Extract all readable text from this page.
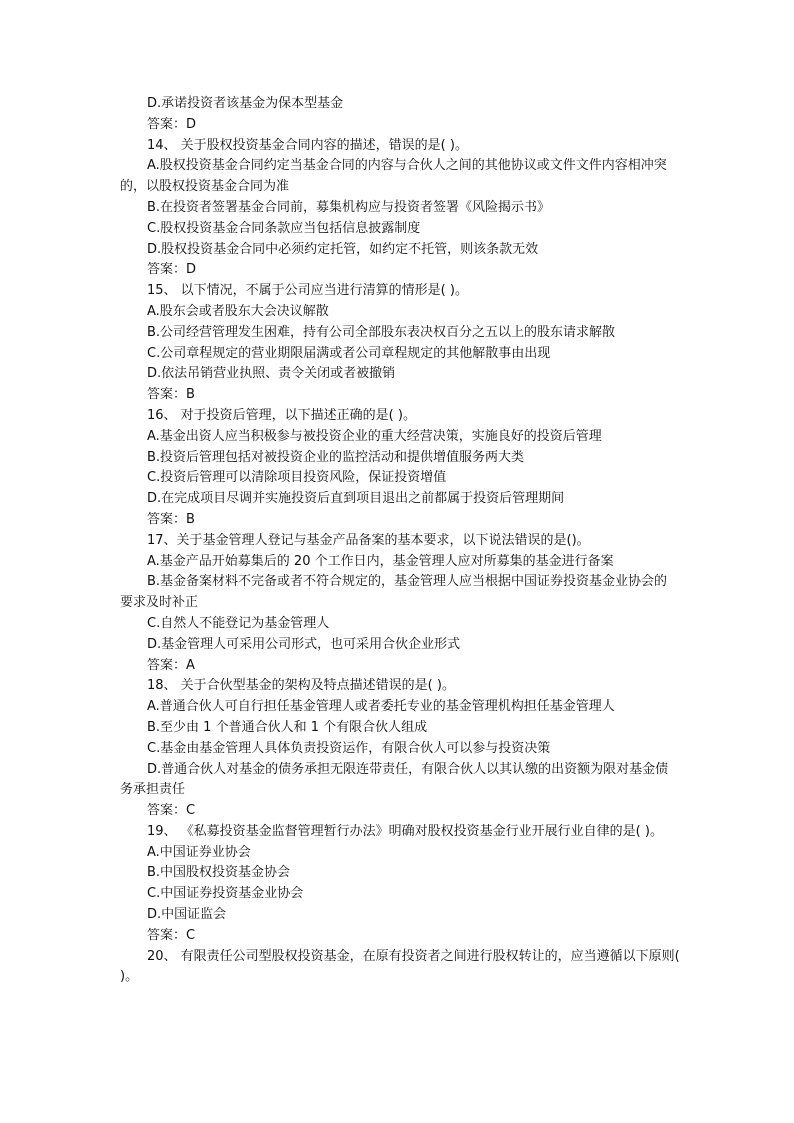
D.承诺投资者该基金为保本型基金

答案：D

14、 关于股权投资基金合同内容的描述，错误的是( )。

A.股权投资基金合同约定当基金合同的内容与合伙人之间的其他协议或文件文件内容相冲突的，以股权投资基金合同为准

B.在投资者签署基金合同前，募集机构应与投资者签署《风险揭示书》

C.股权投资基金合同条款应当包括信息披露制度

D.股权投资基金合同中必须约定托管，如约定不托管，则该条款无效

答案：D

15、 以下情况，不属于公司应当进行清算的情形是( )。

A.股东会或者股东大会决议解散

B.公司经营管理发生困难，持有公司全部股东表决权百分之五以上的股东请求解散

C.公司章程规定的营业期限届满或者公司章程规定的其他解散事由出现

D.依法吊销营业执照、责令关闭或者被撤销

答案：B

16、 对于投资后管理，以下描述正确的是( )。

A.基金出资人应当积极参与被投资企业的重大经营决策，实施良好的投资后管理

B.投资后管理包括对被投资企业的监控活动和提供增值服务两大类

C.投资后管理可以清除项目投资风险，保证投资增值

D.在完成项目尽调并实施投资后直到项目退出之前都属于投资后管理期间

答案：B

17、关于基金管理人登记与基金产品备案的基本要求，以下说法错误的是()。

A.基金产品开始募集后的 20 个工作日内，基金管理人应对所募集的基金进行备案

B.基金备案材料不完备或者不符合规定的，基金管理人应当根据中国证券投资基金业协会的要求及时补正

C.自然人不能登记为基金管理人

D.基金管理人可采用公司形式，也可采用合伙企业形式

答案：A

18、 关于合伙型基金的架构及特点描述错误的是( )。

A.普通合伙人可自行担任基金管理人或者委托专业的基金管理机构担任基金管理人

B.至少由 1 个普通合伙人和 1 个有限合伙人组成

C.基金由基金管理人具体负责投资运作，有限合伙人可以参与投资决策

D.普通合伙人对基金的债务承担无限连带责任，有限合伙人以其认缴的出资额为限对基金债务承担责任

答案：C

19、 《私募投资基金监督管理暂行办法》明确对股权投资基金行业开展行业自律的是( )。

A.中国证券业协会

B.中国股权投资基金协会

C.中国证券投资基金业协会

D.中国证监会

答案：C

20、 有限责任公司型股权投资基金，在原有投资者之间进行股权转让的，应当遵循以下原则( )。
